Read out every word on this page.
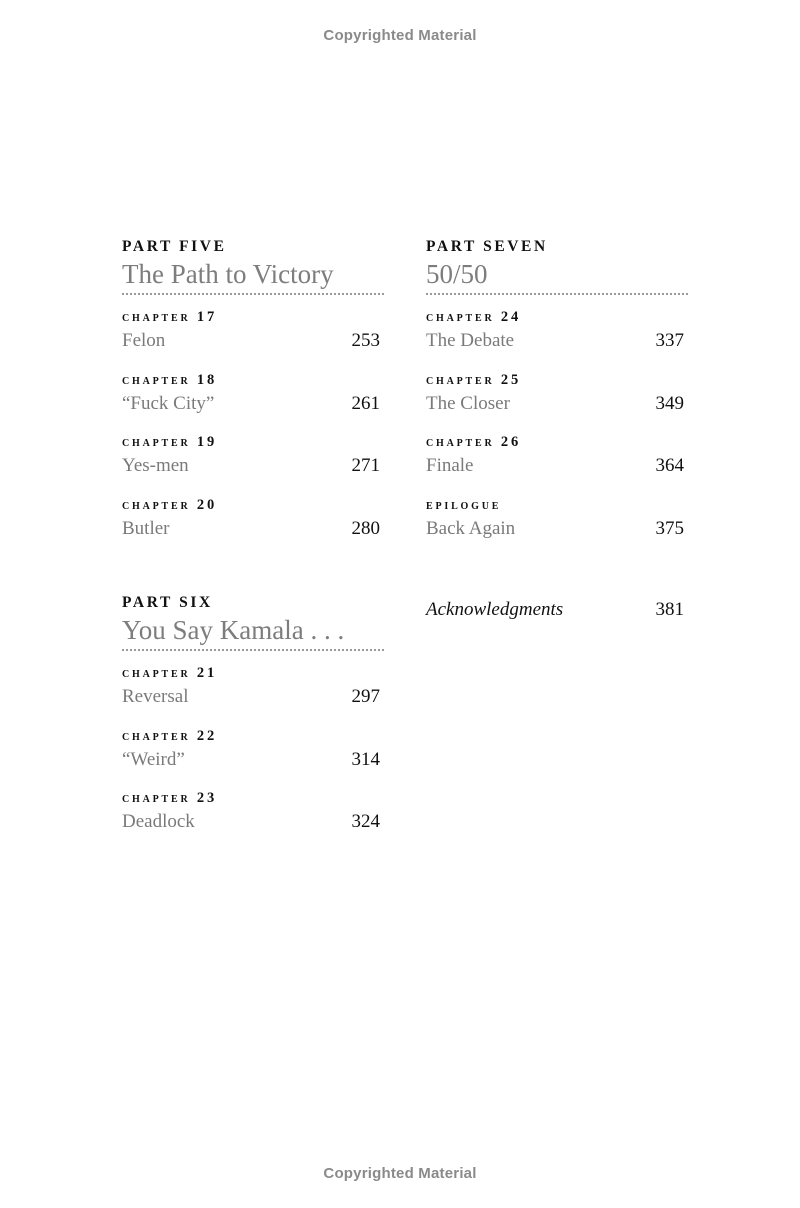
Copyrighted Material
PART FIVE
The Path to Victory
chapter 17
Felon	253
chapter 18
“Fuck City”	261
chapter 19
Yes-men	271
chapter 20
Butler	280
PART SIX
You Say Kamala . . .
chapter 21
Reversal	297
chapter 22
“Weird”	314
chapter 23
Deadlock	324
PART SEVEN
50/50
chapter 24
The Debate	337
chapter 25
The Closer	349
chapter 26
Finale	364
epilogue
Back Again	375
Acknowledgments	381
Copyrighted Material
